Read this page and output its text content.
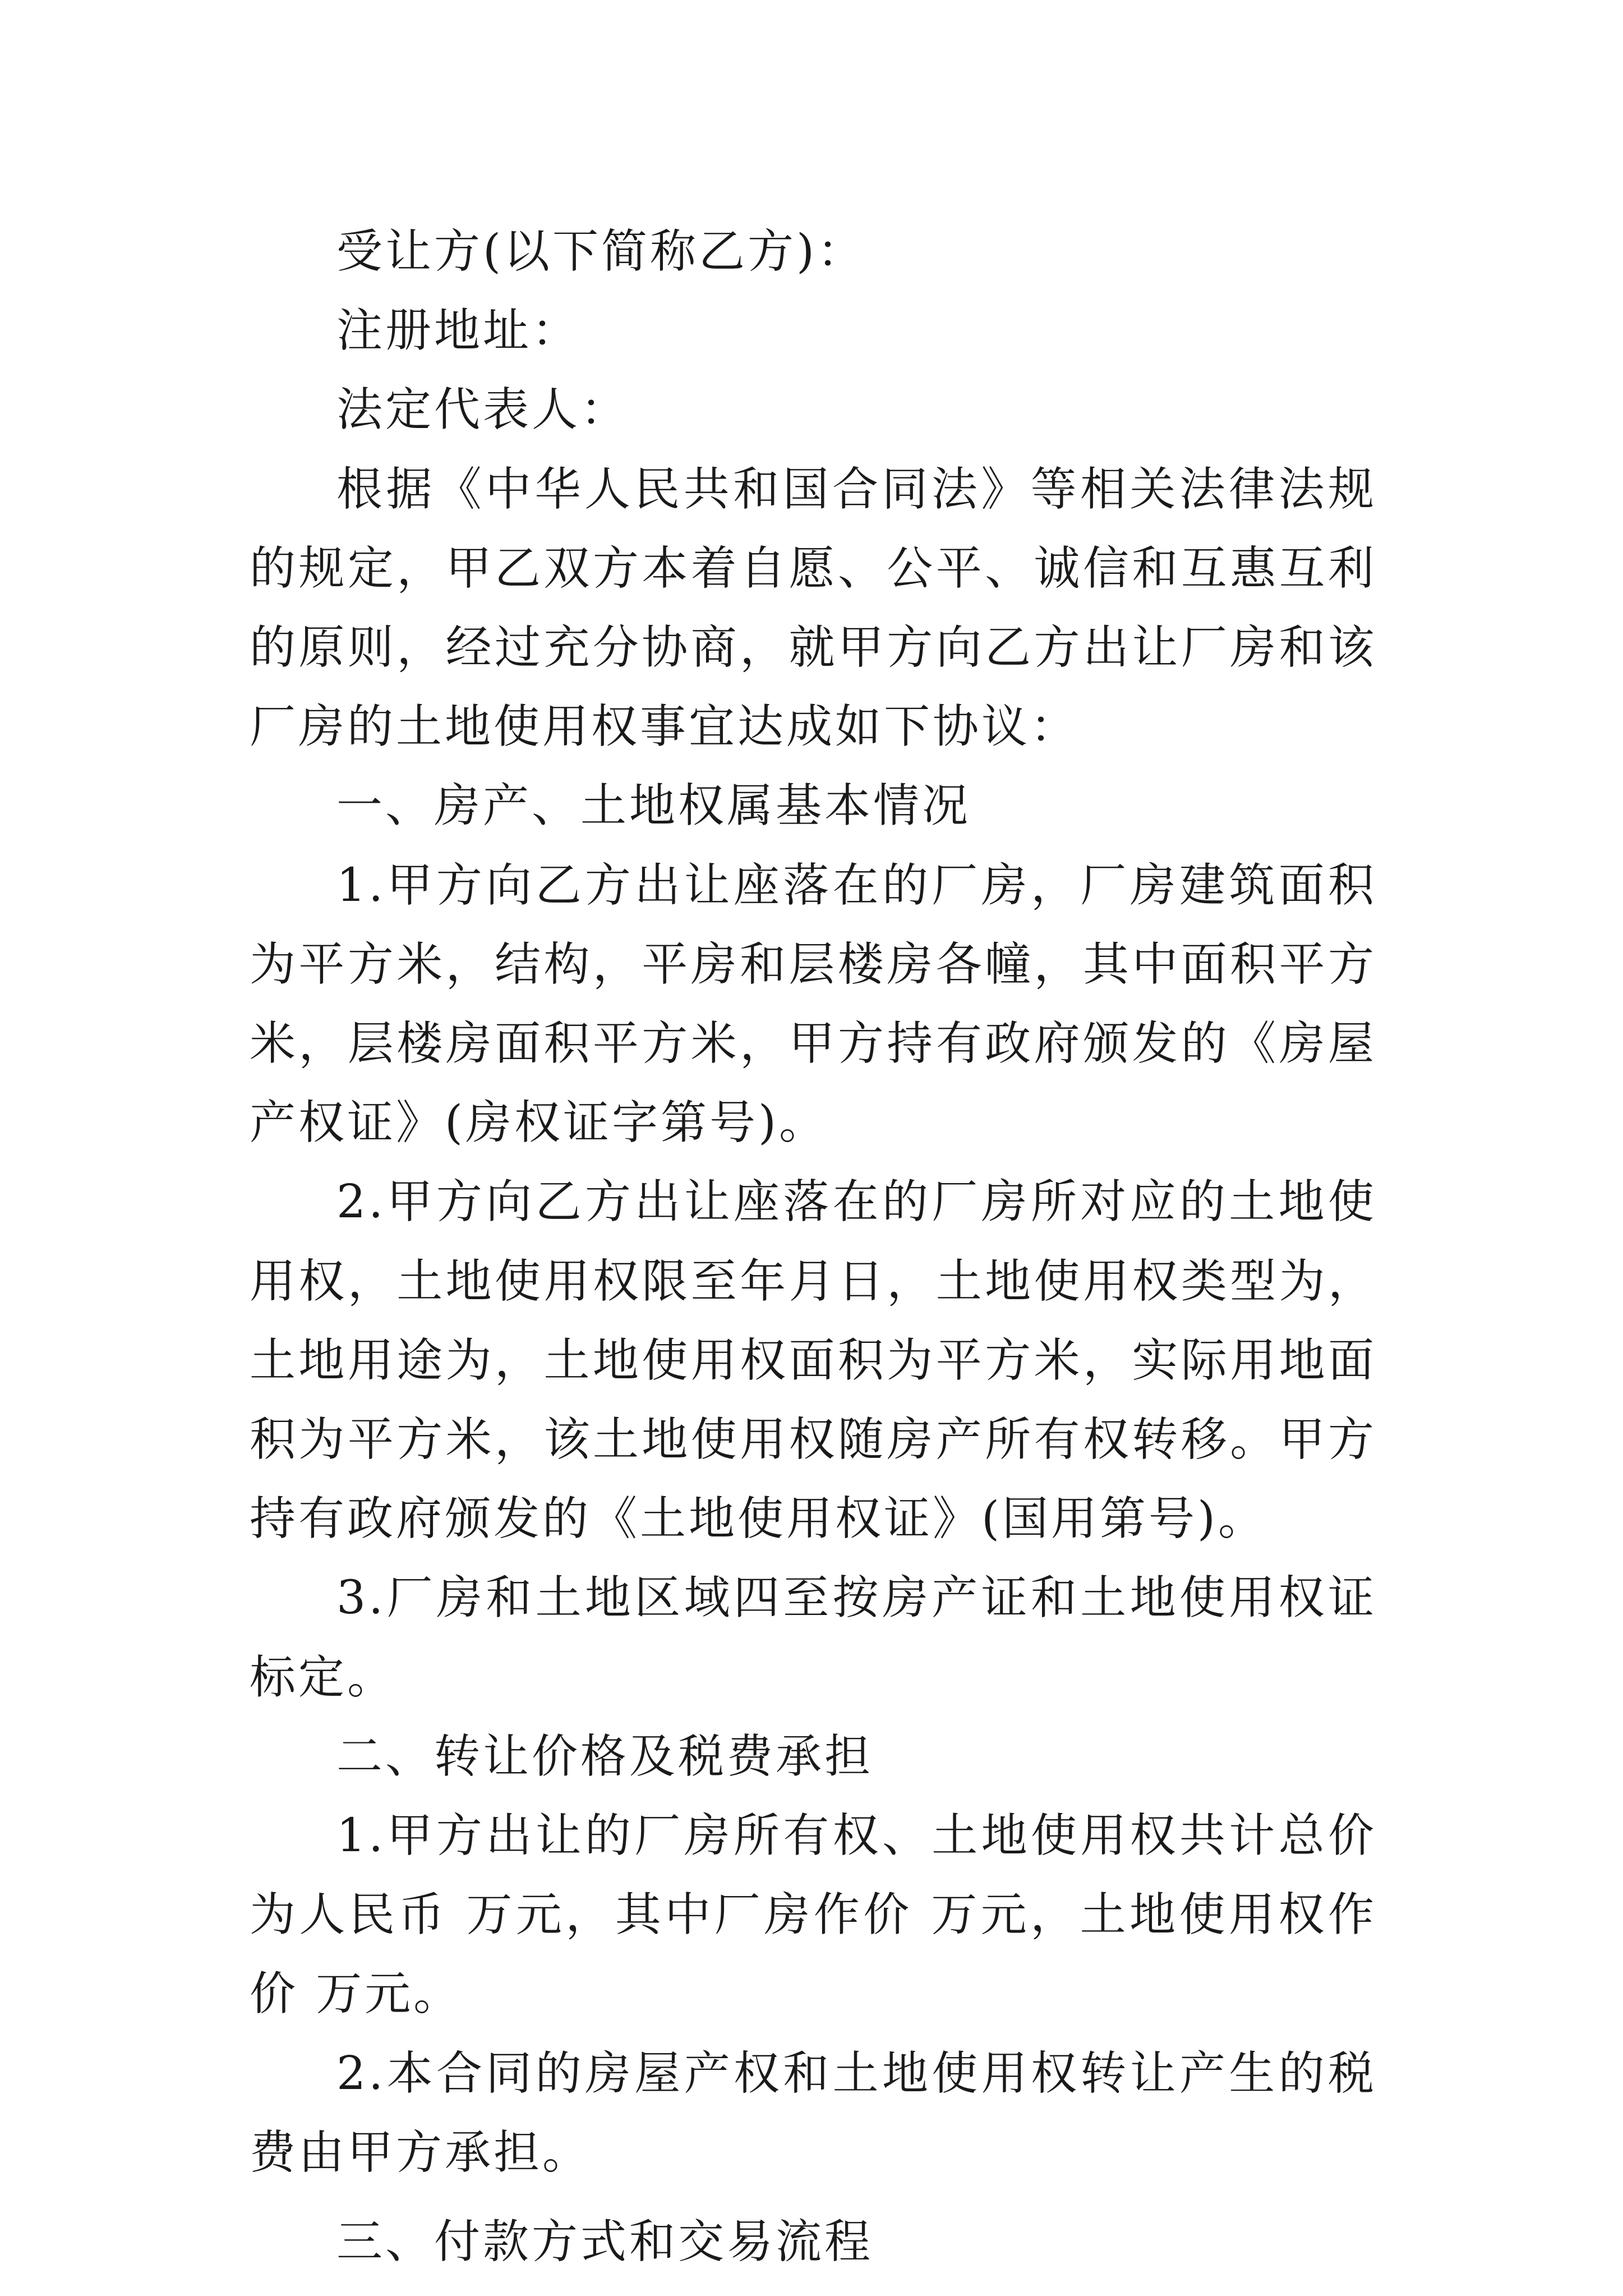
受让方(以下简称乙方)：

注册地址：

法定代表人：

根据《中华人民共和国合同法》等相关法律法规的规定，甲乙双方本着自愿、公平、诚信和互惠互利的原则，经过充分协商，就甲方向乙方出让厂房和该厂房的土地使用权事宜达成如下协议：

一、房产、土地权属基本情况

1.甲方向乙方出让座落在的厂房，厂房建筑面积为平方米，结构，平房和层楼房各幢，其中面积平方米，层楼房面积平方米，甲方持有政府颁发的《房屋产权证》(房权证字第号)。

2.甲方向乙方出让座落在的厂房所对应的土地使用权，土地使用权限至年月日，土地使用权类型为，土地用途为，土地使用权面积为平方米，实际用地面积为平方米，该土地使用权随房产所有权转移。甲方持有政府颁发的《土地使用权证》(国用第号)。

3.厂房和土地区域四至按房产证和土地使用权证标定。

二、转让价格及税费承担

1.甲方出让的厂房所有权、土地使用权共计总价为人民币 万元，其中厂房作价 万元，土地使用权作价 万元。

2.本合同的房屋产权和土地使用权转让产生的税费由甲方承担。

三、付款方式和交易流程
